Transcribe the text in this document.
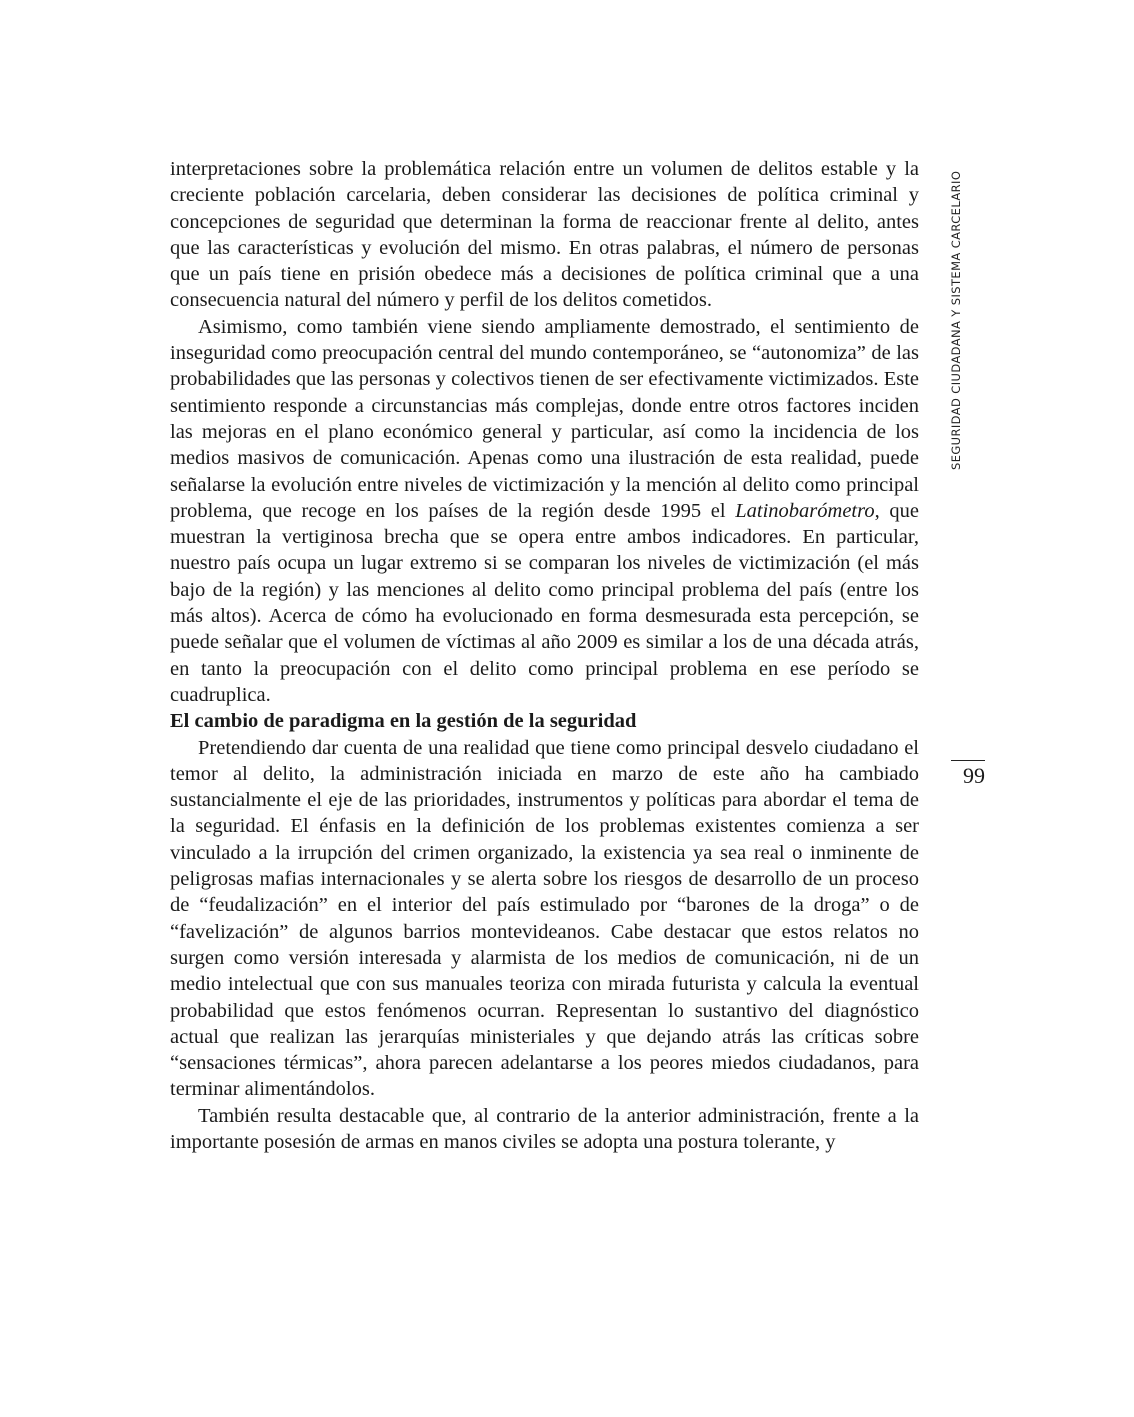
interpretaciones sobre la problemática relación entre un volumen de delitos estable y la creciente población carcelaria, deben considerar las decisiones de política criminal y concepciones de seguridad que determinan la forma de reaccionar frente al delito, antes que las características y evolución del mismo. En otras palabras, el número de personas que un país tiene en prisión obedece más a decisiones de política criminal que a una consecuencia natural del número y perfil de los delitos cometidos.

Asimismo, como también viene siendo ampliamente demostrado, el sentimiento de inseguridad como preocupación central del mundo contemporáneo, se “autonomiza” de las probabilidades que las personas y colectivos tienen de ser efectivamente victimizados. Este sentimiento responde a circunstancias más complejas, donde entre otros factores inciden las mejoras en el plano económico general y particular, así como la incidencia de los medios masivos de comunicación. Apenas como una ilustración de esta realidad, puede señalarse la evolución entre niveles de victimización y la mención al delito como principal problema, que recoge en los países de la región desde 1995 el Latinobarómetro, que muestran la vertiginosa brecha que se opera entre ambos indicadores. En particular, nuestro país ocupa un lugar extremo si se comparan los niveles de victimización (el más bajo de la región) y las menciones al delito como principal problema del país (entre los más altos). Acerca de cómo ha evolucionado en forma desmesurada esta percepción, se puede señalar que el volumen de víctimas al año 2009 es similar a los de una década atrás, en tanto la preocupación con el delito como principal problema en ese período se cuadruplica.

El cambio de paradigma en la gestión de la seguridad

Pretendiendo dar cuenta de una realidad que tiene como principal desvelo ciudadano el temor al delito, la administración iniciada en marzo de este año ha cambiado sustancialmente el eje de las prioridades, instrumentos y políticas para abordar el tema de la seguridad. El énfasis en la definición de los problemas existentes comienza a ser vinculado a la irrupción del crimen organizado, la existencia ya sea real o inminente de peligrosas mafias internacionales y se alerta sobre los riesgos de desarrollo de un proceso de “feudalización” en el interior del país estimulado por “barones de la droga” o de “favelización” de algunos barrios montevideanos. Cabe destacar que estos relatos no surgen como versión interesada y alarmista de los medios de comunicación, ni de un medio intelectual que con sus manuales teoriza con mirada futurista y calcula la eventual probabilidad que estos fenómenos ocurran. Representan lo sustantivo del diagnóstico actual que realizan las jerarquías ministeriales y que dejando atrás las críticas sobre “sensaciones térmicas”, ahora parecen adelantarse a los peores miedos ciudadanos, para terminar alimentándolos.

También resulta destacable que, al contrario de la anterior administración, frente a la importante posesión de armas en manos civiles se adopta una postura tolerante, y

SEGURIDAD CIUDADANA Y SISTEMA CARCELARIO
99
